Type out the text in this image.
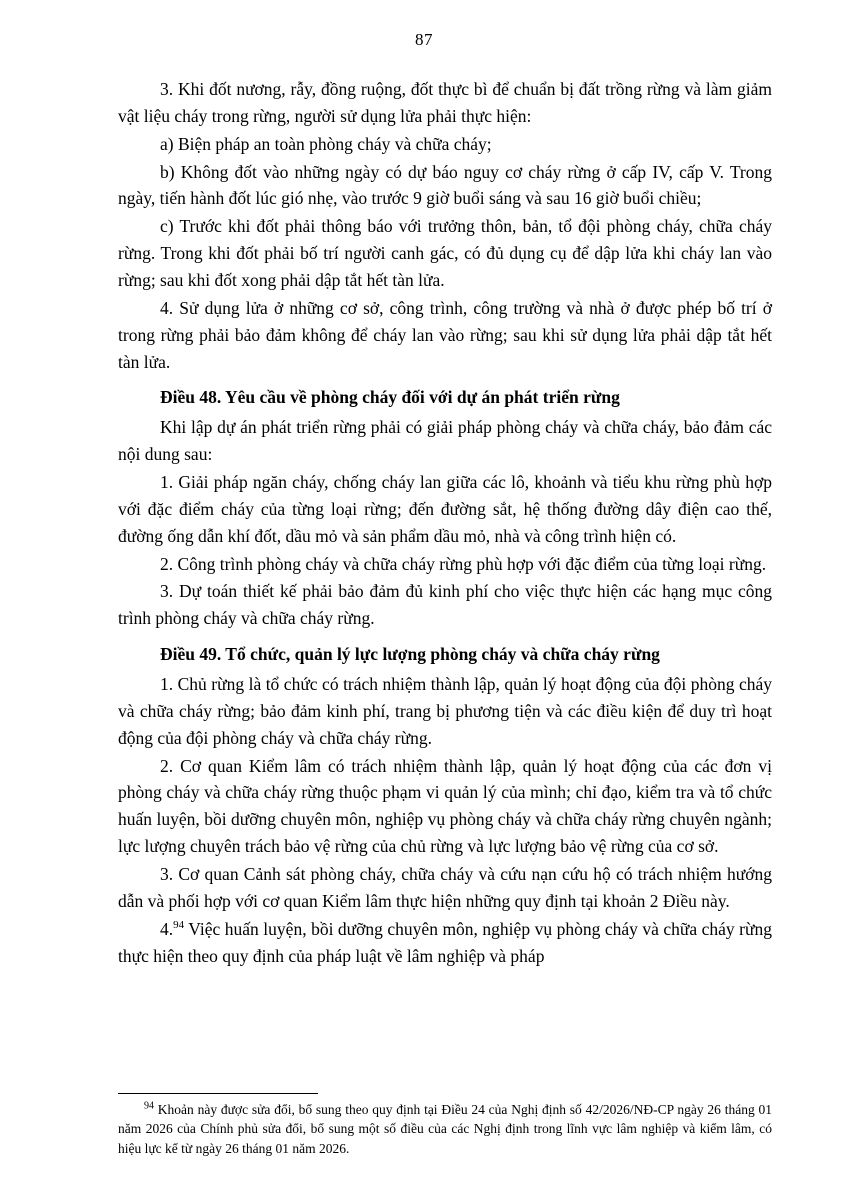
87

3. Khi đốt nương, rẫy, đồng ruộng, đốt thực bì để chuẩn bị đất trồng rừng và làm giảm vật liệu cháy trong rừng, người sử dụng lửa phải thực hiện:

a) Biện pháp an toàn phòng cháy và chữa cháy;

b) Không đốt vào những ngày có dự báo nguy cơ cháy rừng ở cấp IV, cấp V. Trong ngày, tiến hành đốt lúc gió nhẹ, vào trước 9 giờ buổi sáng và sau 16 giờ buổi chiều;

c) Trước khi đốt phải thông báo với trưởng thôn, bản, tổ đội phòng cháy, chữa cháy rừng. Trong khi đốt phải bố trí người canh gác, có đủ dụng cụ để dập lửa khi cháy lan vào rừng; sau khi đốt xong phải dập tắt hết tàn lửa.

4. Sử dụng lửa ở những cơ sở, công trình, công trường và nhà ở được phép bố trí ở trong rừng phải bảo đảm không để cháy lan vào rừng; sau khi sử dụng lửa phải dập tắt hết tàn lửa.

Điều 48. Yêu cầu về phòng cháy đối với dự án phát triển rừng

Khi lập dự án phát triển rừng phải có giải pháp phòng cháy và chữa cháy, bảo đảm các nội dung sau:

1. Giải pháp ngăn cháy, chống cháy lan giữa các lô, khoảnh và tiểu khu rừng phù hợp với đặc điểm cháy của từng loại rừng; đến đường sắt, hệ thống đường dây điện cao thế, đường ống dẫn khí đốt, dầu mỏ và sản phẩm dầu mỏ, nhà và công trình hiện có.

2. Công trình phòng cháy và chữa cháy rừng phù hợp với đặc điểm của từng loại rừng.

3. Dự toán thiết kế phải bảo đảm đủ kinh phí cho việc thực hiện các hạng mục công trình phòng cháy và chữa cháy rừng.

Điều 49. Tổ chức, quản lý lực lượng phòng cháy và chữa cháy rừng

1. Chủ rừng là tổ chức có trách nhiệm thành lập, quản lý hoạt động của đội phòng cháy và chữa cháy rừng; bảo đảm kinh phí, trang bị phương tiện và các điều kiện để duy trì hoạt động của đội phòng cháy và chữa cháy rừng.

2. Cơ quan Kiểm lâm có trách nhiệm thành lập, quản lý hoạt động của các đơn vị phòng cháy và chữa cháy rừng thuộc phạm vi quản lý của mình; chỉ đạo, kiểm tra và tổ chức huấn luyện, bồi dưỡng chuyên môn, nghiệp vụ phòng cháy và chữa cháy rừng chuyên ngành; lực lượng chuyên trách bảo vệ rừng của chủ rừng và lực lượng bảo vệ rừng của cơ sở.

3. Cơ quan Cảnh sát phòng cháy, chữa cháy và cứu nạn cứu hộ có trách nhiệm hướng dẫn và phối hợp với cơ quan Kiểm lâm thực hiện những quy định tại khoản 2 Điều này.

4.94 Việc huấn luyện, bồi dưỡng chuyên môn, nghiệp vụ phòng cháy và chữa cháy rừng thực hiện theo quy định của pháp luật về lâm nghiệp và pháp

$^{94}$ Khoản này được sửa đổi, bổ sung theo quy định tại Điều 24 của Nghị định số 42/2026/NĐ-CP ngày 26 tháng 01 năm 2026 của Chính phủ sửa đổi, bổ sung một số điều của các Nghị định trong lĩnh vực lâm nghiệp và kiểm lâm, có hiệu lực kể từ ngày 26 tháng 01 năm 2026.
